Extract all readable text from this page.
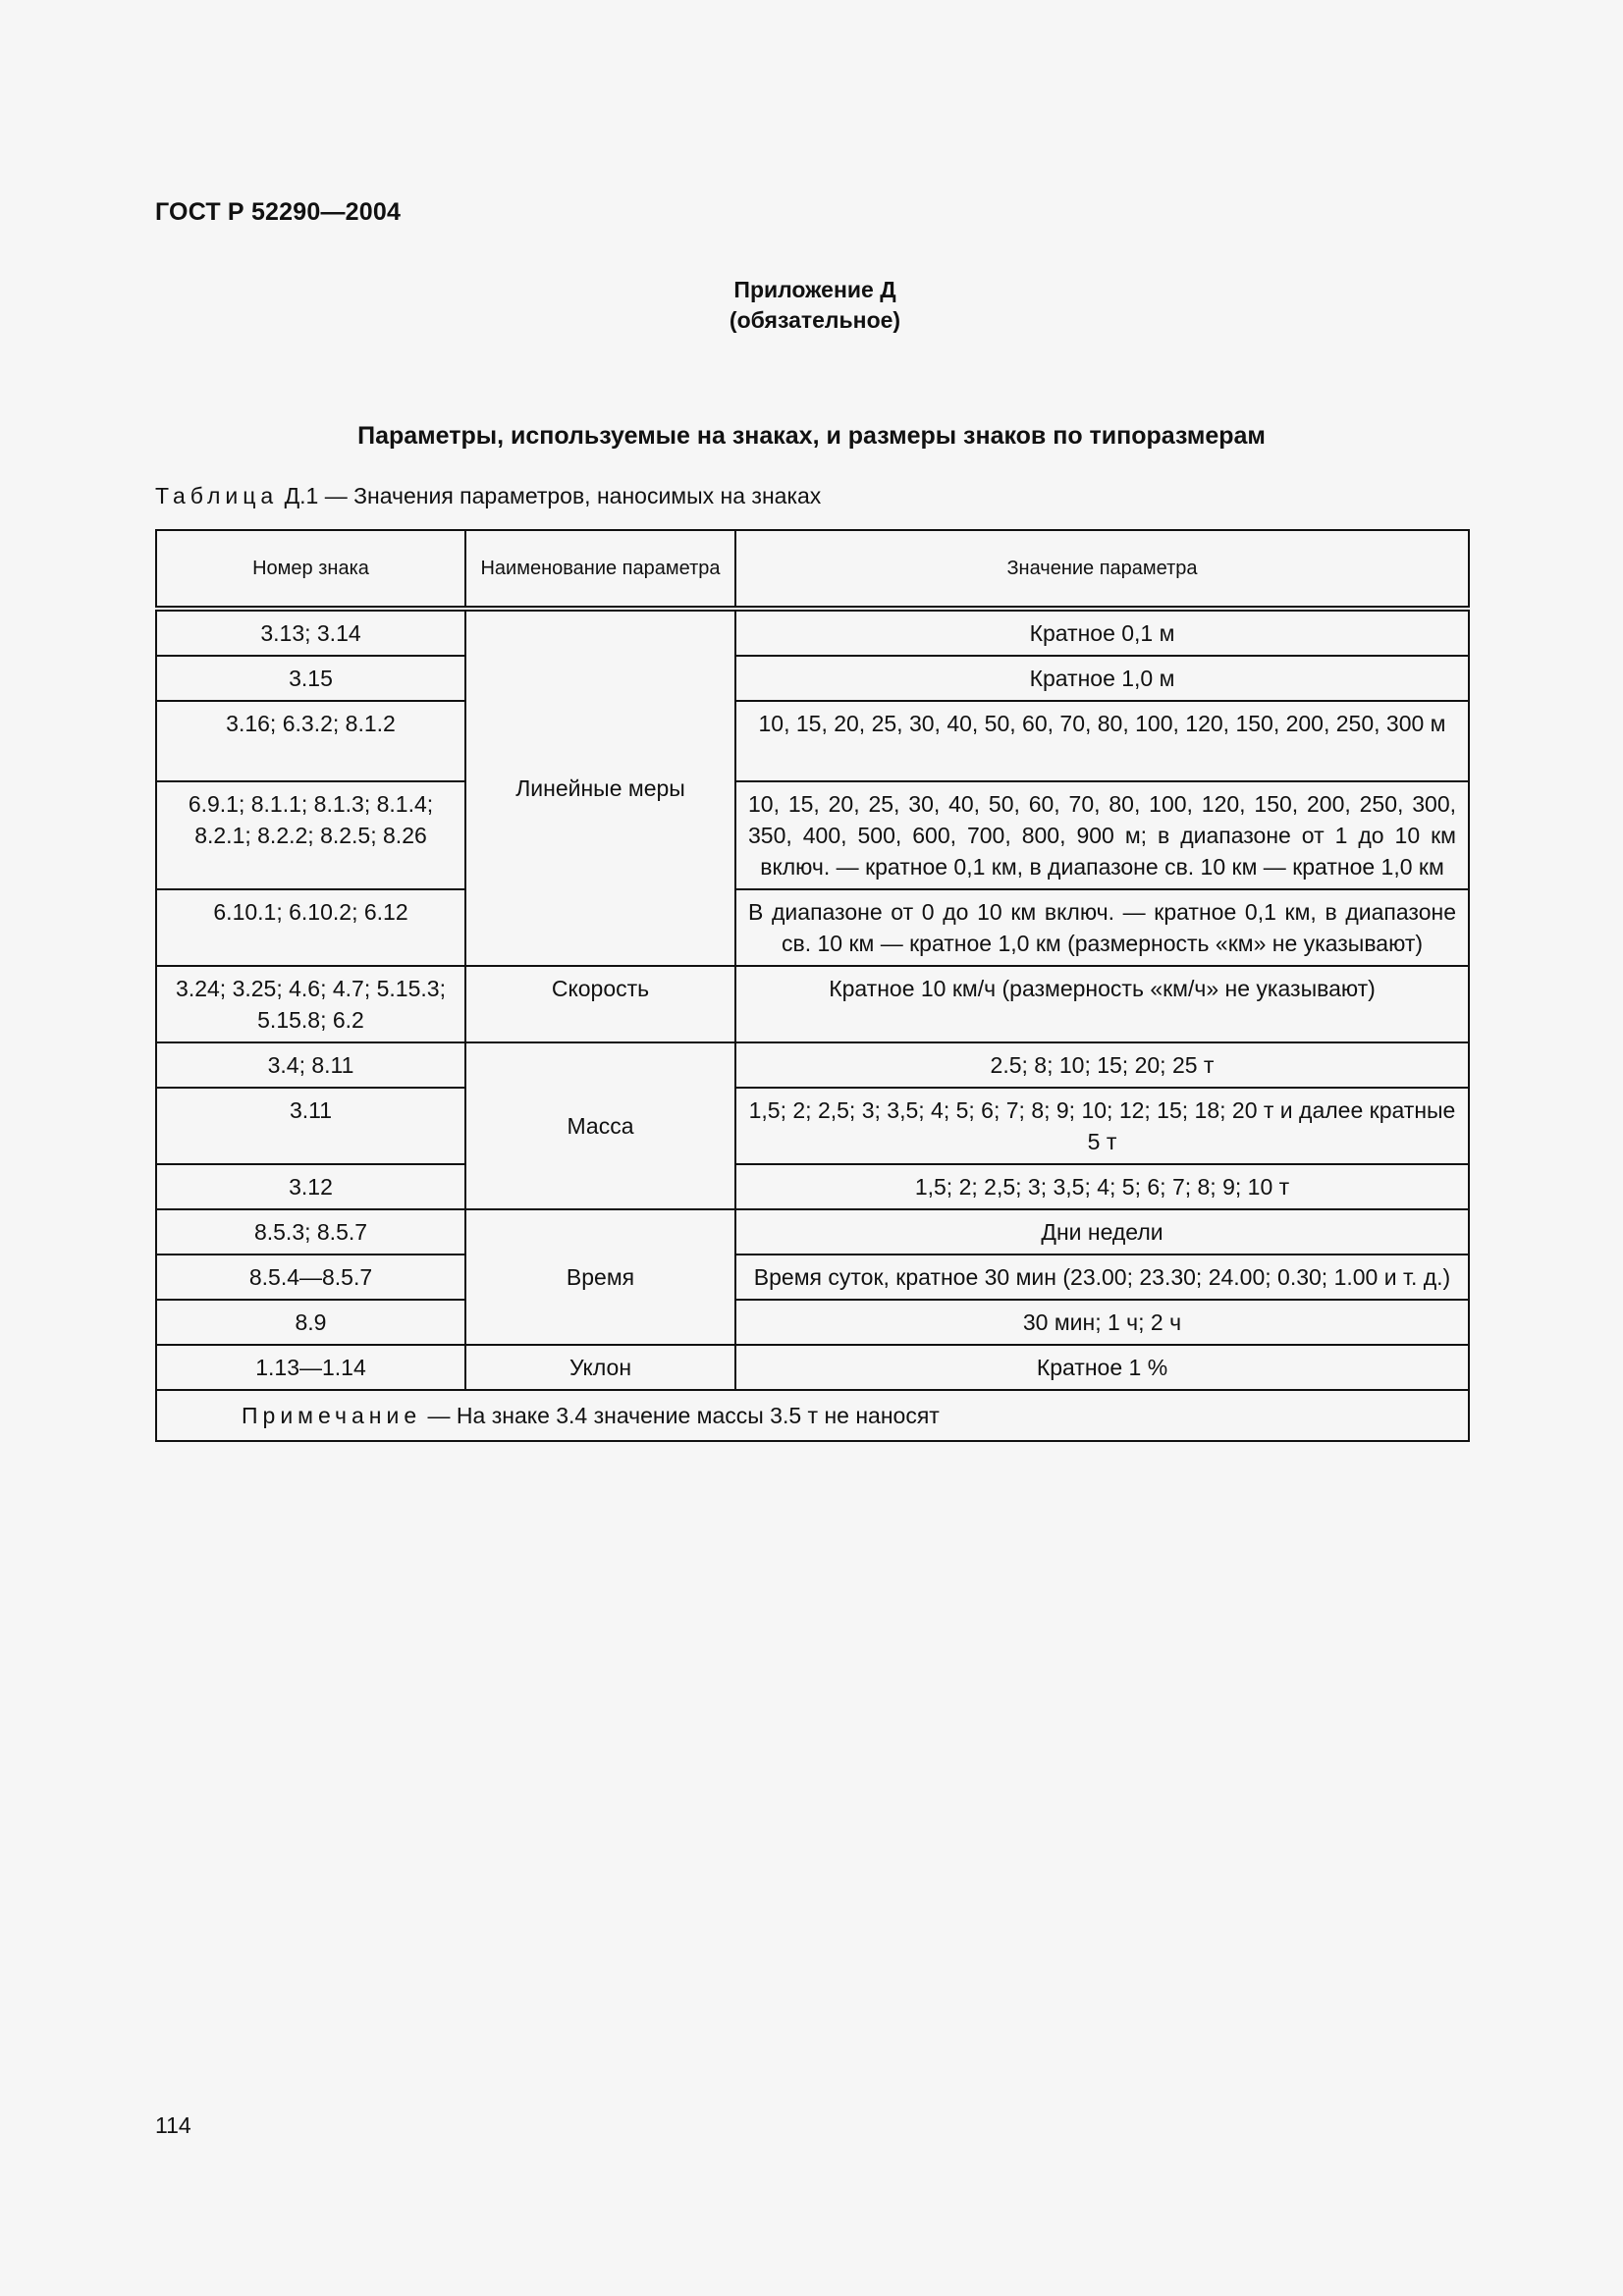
ГОСТ Р 52290—2004
Приложение Д
(обязательное)
Параметры, используемые на знаках, и размеры знаков по типоразмерам
Таблица Д.1 — Значения параметров, наносимых на знаках
Номер знака	Наименование параметра	Значение параметра
3.13; 3.14	Линейные меры	Кратное 0,1 м
3.15		Кратное 1,0 м
3.16; 6.3.2; 8.1.2		10, 15, 20, 25, 30, 40, 50, 60, 70, 80, 100, 120, 150, 200, 250, 300 м
6.9.1; 8.1.1; 8.1.3; 8.1.4; 8.2.1; 8.2.2; 8.2.5; 8.26		10, 15, 20, 25, 30, 40, 50, 60, 70, 80, 100, 120, 150, 200, 250, 300, 350, 400, 500, 600, 700, 800, 900 м; в диапазоне от 1 до 10 км включ. — кратное 0,1 км, в диапазоне св. 10 км — кратное 1,0 км
6.10.1; 6.10.2; 6.12		В диапазоне от 0 до 10 км включ. — кратное 0,1 км, в диапазоне св. 10 км — кратное 1,0 км (размерность «км» не указывают)
3.24; 3.25; 4.6; 4.7; 5.15.3; 5.15.8; 6.2	Скорость	Кратное 10 км/ч (размерность «км/ч» не указывают)
3.4; 8.11	Масса	2.5; 8; 10; 15; 20; 25 т
3.11		1,5; 2; 2,5; 3; 3,5; 4; 5; 6; 7; 8; 9; 10; 12; 15; 18; 20 т и далее кратные 5 т
3.12		1,5; 2; 2,5; 3; 3,5; 4; 5; 6; 7; 8; 9; 10 т
8.5.3; 8.5.7	Время	Дни недели
8.5.4—8.5.7		Время суток, кратное 30 мин (23.00; 23.30; 24.00; 0.30; 1.00 и т. д.)
8.9		30 мин; 1 ч; 2 ч
1.13—1.14	Уклон	Кратное 1 %
Примечание — На знаке 3.4 значение массы 3.5 т не наносят		
114
